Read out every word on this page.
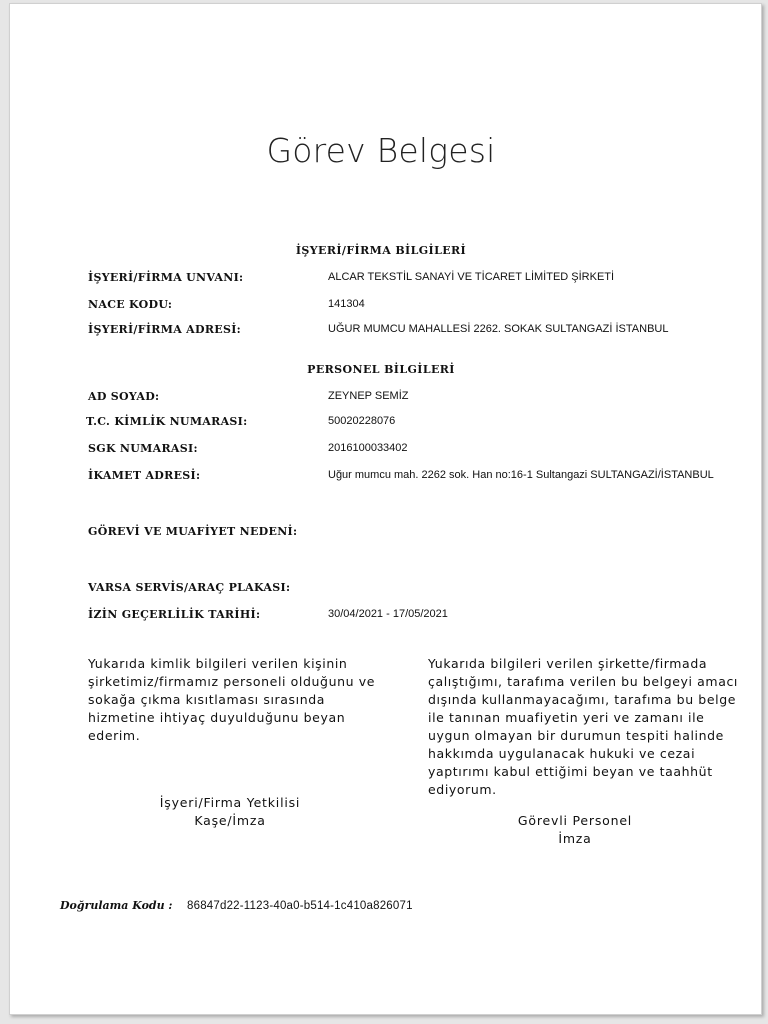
Görev Belgesi
İŞYERİ/FİRMA BİLGİLERİ
İŞYERİ/FİRMA UNVANI:	ALCAR TEKSTİL SANAYİ VE TİCARET LİMİTED ŞİRKETİ
NACE KODU:	141304
İŞYERİ/FİRMA ADRESİ:	UĞUR MUMCU MAHALLESİ 2262. SOKAK SULTANGAZİ İSTANBUL
PERSONEL BİLGİLERİ
AD SOYAD:	ZEYNEP SEMİZ
T.C. KİMLİK NUMARASI:	50020228076
SGK NUMARASI:	2016100033402
İKAMET ADRESİ:	Uğur mumcu mah. 2262 sok. Han no:16-1 Sultangazi SULTANGAZİ/İSTANBUL
GÖREVİ VE MUAFİYET NEDENİ:
VARSA SERVİS/ARAÇ PLAKASI:
İZİN GEÇERLİLİK TARİHİ:	30/04/2021 - 17/05/2021
Yukarıda kimlik bilgileri verilen kişinin şirketimiz/firmamız personeli olduğunu ve sokağa çıkma kısıtlaması sırasında hizmetine ihtiyaç duyulduğunu beyan ederim.
Yukarıda bilgileri verilen şirkette/firmada çalıştığımı, tarafıma verilen bu belgeyi amacı dışında kullanmayacağımı, tarafıma bu belge ile tanınan muafiyetin yeri ve zamanı ile uygun olmayan bir durumun tespiti halinde hakkımda uygulanacak hukuki ve cezai yaptırımı kabul ettiğimi beyan ve taahhüt ediyorum.
İşyeri/Firma Yetkilisi
Kaşe/İmza	Görevli Personel
İmza
Doğrulama Kodu : 86847d22-1123-40a0-b514-1c410a826071
